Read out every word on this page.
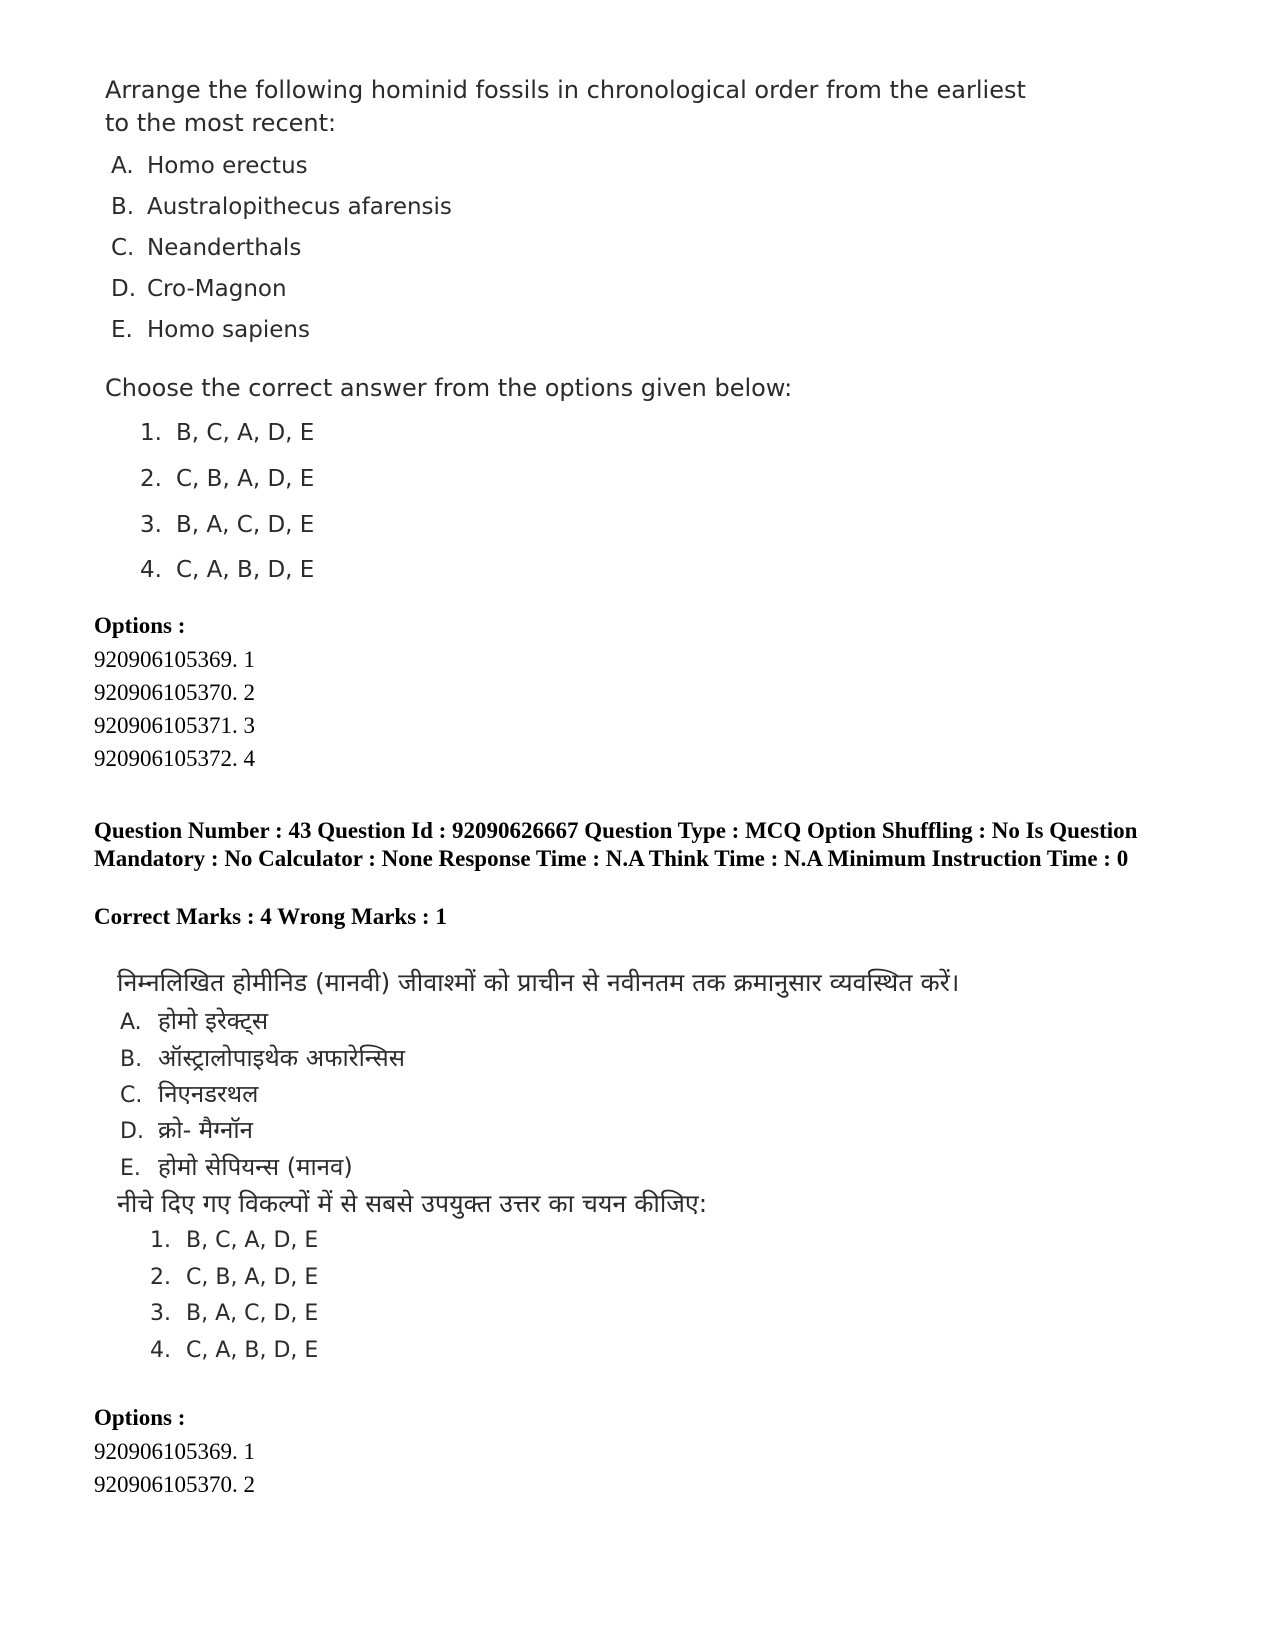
Arrange the following hominid fossils in chronological order from the earliest
to the most recent:
A. Homo erectus
B. Australopithecus afarensis
C. Neanderthals
D. Cro-Magnon
E. Homo sapiens
Choose the correct answer from the options given below:
1. B, C, A, D, E
2. C, B, A, D, E
3. B, A, C, D, E
4. C, A, B, D, E
Options :
920906105369. 1
920906105370. 2
920906105371. 3
920906105372. 4
Question Number : 43 Question Id : 92090626667 Question Type : MCQ Option Shuffling : No Is Question Mandatory : No Calculator : None Response Time : N.A Think Time : N.A Minimum Instruction Time : 0
Correct Marks : 4 Wrong Marks : 1
निम्नलिखित होमीनिड (मानवी) जीवाश्मों को प्राचीन से नवीनतम तक क्रमानुसार व्यवस्थित करें।
A. होमो इरेक्ट्स
B. ऑस्ट्रालोपाइथेक अफारेन्सिस
C. निएनडरथल
D. क्रो- मैग्नॉन
E. होमो सेपियन्स (मानव)
नीचे दिए गए विकल्पों में से सबसे उपयुक्त उत्तर का चयन कीजिए:
1. B, C, A, D, E
2. C, B, A, D, E
3. B, A, C, D, E
4. C, A, B, D, E
Options :
920906105369. 1
920906105370. 2
